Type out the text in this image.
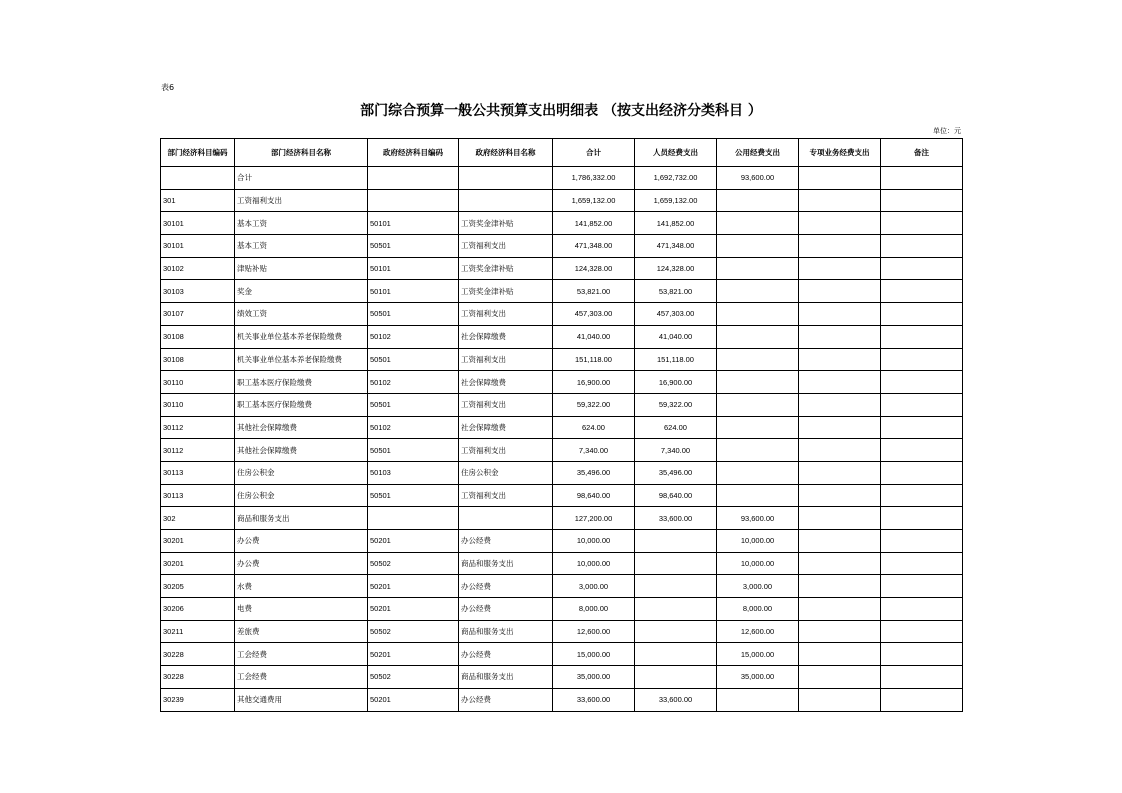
表6
部门综合预算一般公共预算支出明细表 （按支出经济分类科目 ）
单位：元
部门经济科目编码	部门经济科目名称	政府经济科目编码	政府经济科目名称	合计	人员经费支出	公用经费支出	专项业务经费支出	备注
	合计			1,786,332.00	1,692,732.00	93,600.00		
301	工资福利支出			1,659,132.00	1,659,132.00			
30101	基本工资	50101	工资奖金津补贴	141,852.00	141,852.00			
30101	基本工资	50501	工资福利支出	471,348.00	471,348.00			
30102	津贴补贴	50101	工资奖金津补贴	124,328.00	124,328.00			
30103	奖金	50101	工资奖金津补贴	53,821.00	53,821.00			
30107	绩效工资	50501	工资福利支出	457,303.00	457,303.00			
30108	机关事业单位基本养老保险缴费	50102	社会保障缴费	41,040.00	41,040.00			
30108	机关事业单位基本养老保险缴费	50501	工资福利支出	151,118.00	151,118.00			
30110	职工基本医疗保险缴费	50102	社会保障缴费	16,900.00	16,900.00			
30110	职工基本医疗保险缴费	50501	工资福利支出	59,322.00	59,322.00			
30112	其他社会保障缴费	50102	社会保障缴费	624.00	624.00			
30112	其他社会保障缴费	50501	工资福利支出	7,340.00	7,340.00			
30113	住房公积金	50103	住房公积金	35,496.00	35,496.00			
30113	住房公积金	50501	工资福利支出	98,640.00	98,640.00			
302	商品和服务支出			127,200.00	33,600.00	93,600.00		
30201	办公费	50201	办公经费	10,000.00		10,000.00		
30201	办公费	50502	商品和服务支出	10,000.00		10,000.00		
30205	水费	50201	办公经费	3,000.00		3,000.00		
30206	电费	50201	办公经费	8,000.00		8,000.00		
30211	差旅费	50502	商品和服务支出	12,600.00		12,600.00		
30228	工会经费	50201	办公经费	15,000.00		15,000.00		
30228	工会经费	50502	商品和服务支出	35,000.00		35,000.00		
30239	其他交通费用	50201	办公经费	33,600.00	33,600.00			
